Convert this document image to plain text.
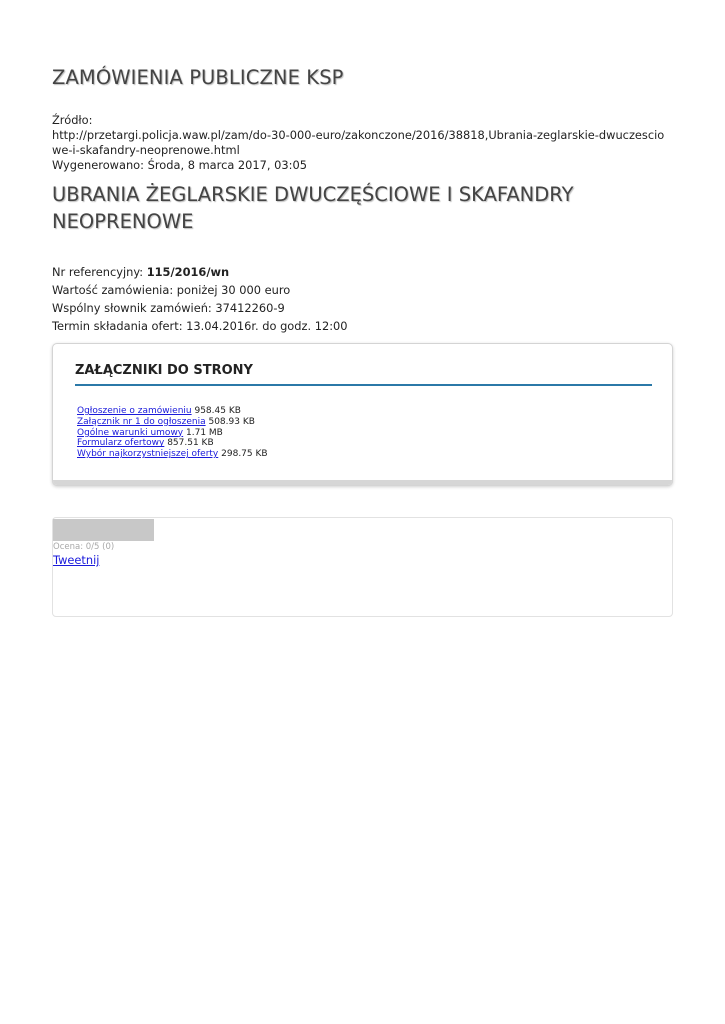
ZAMÓWIENIA PUBLICZNE KSP
Źródło:
http://przetargi.policja.waw.pl/zam/do-30-000-euro/zakonczone/2016/38818,Ubrania-zeglarskie-dwuczesciowe-i-skafandry-neoprenowe.html
Wygenerowano: Środa, 8 marca 2017, 03:05
UBRANIA ŻEGLARSKIE DWUCZĘŚCIOWE I SKAFANDRY NEOPRENOWE
Nr referencyjny: 115/2016/wn
Wartość zamówienia: poniżej 30 000 euro
Wspólny słownik zamówień: 37412260-9
Termin składania ofert: 13.04.2016r. do godz. 12:00
ZAŁĄCZNIKI DO STRONY
Ogłoszenie o zamówieniu 958.45 KB
Załącznik nr 1 do ogłoszenia 508.93 KB
Ogólne warunki umowy 1.71 MB
Formularz ofertowy 857.51 KB
Wybór najkorzystniejszej oferty 298.75 KB
Ocena: 0/5 (0)
Tweetnij
